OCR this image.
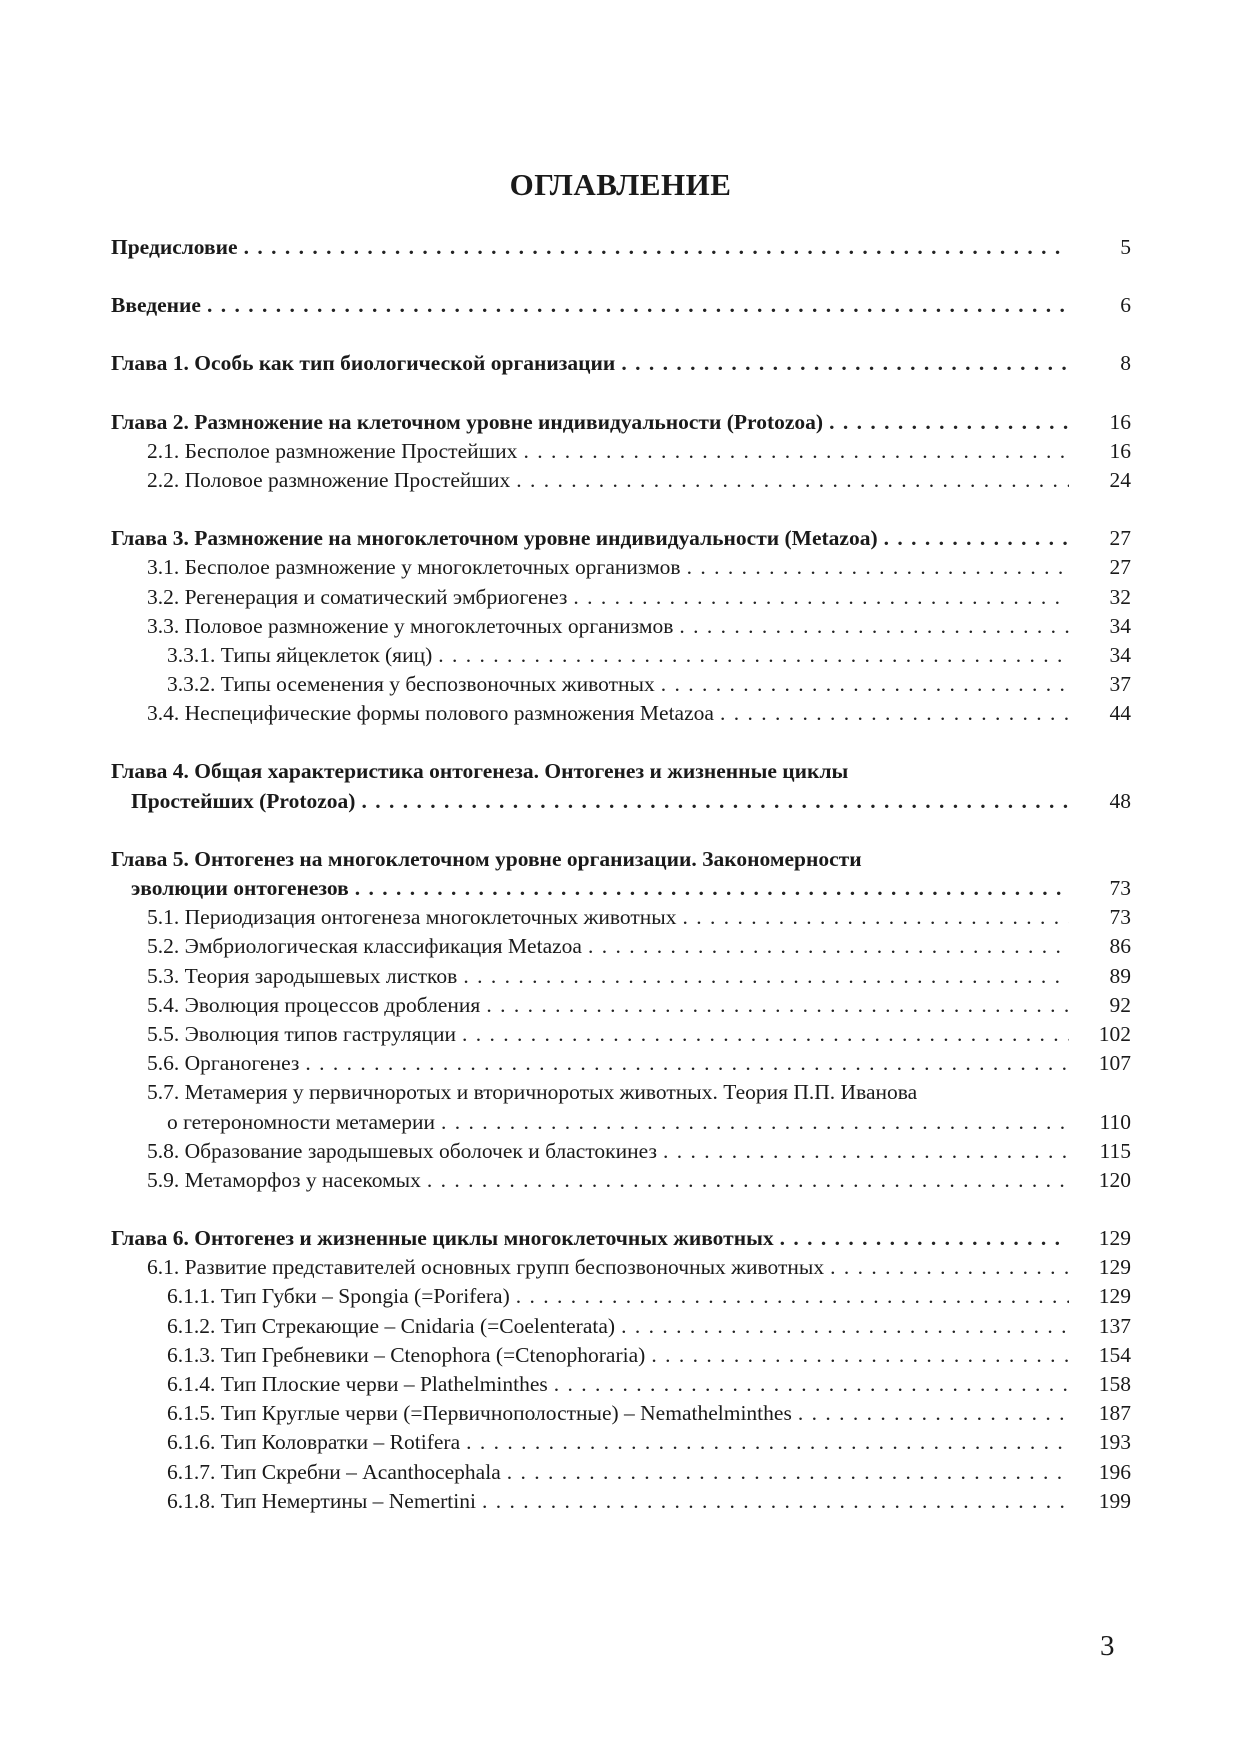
ОГЛАВЛЕНИЕ
Предисловие . . .	5
Введение . . .	6
Глава 1. Особь как тип биологической организации . . .	8
Глава 2. Размножение на клеточном уровне индивидуальности (Protozoa) . . .	16
2.1. Бесполое размножение Простейших . . .	16
2.2. Половое размножение Простейших . . .	24
Глава 3. Размножение на многоклеточном уровне индивидуальности (Metazoa) . . .	27
3.1. Бесполое размножение у многоклеточных организмов . . .	27
3.2. Регенерация и соматический эмбриогенез . . .	32
3.3. Половое размножение у многоклеточных организмов . . .	34
3.3.1. Типы яйцеклеток (яиц) . . .	34
3.3.2. Типы осеменения у беспозвоночных животных . . .	37
3.4. Неспецифические формы полового размножения Metazoa . . .	44
Глава 4. Общая характеристика онтогенеза. Онтогенез и жизненные циклы
Простейших (Protozoa) . . .	48
Глава 5. Онтогенез на многоклеточном уровне организации. Закономерности
эволюции онтогенезов . . .	73
5.1. Периодизация онтогенеза многоклеточных животных . . .	73
5.2. Эмбриологическая классификация Metazoa . . .	86
5.3. Теория зародышевых листков . . .	89
5.4. Эволюция процессов дробления . . .	92
5.5. Эволюция типов гаструляции . . .	102
5.6. Органогенез . . .	107
5.7. Метамерия у первичноротых и вторичноротых животных. Теория П.П. Иванова
о гетерономности метамерии . . .	110
5.8. Образование зародышевых оболочек и бластокинез . . .	115
5.9. Метаморфоз у насекомых . . .	120
Глава 6. Онтогенез и жизненные циклы многоклеточных животных . . .	129
6.1. Развитие представителей основных групп беспозвоночных животных . . .	129
6.1.1. Тип Губки – Spongia (=Porifera) . . .	129
6.1.2. Тип Стрекающие – Cnidaria (=Coelenterata) . . .	137
6.1.3. Тип Гребневики – Ctenophora (=Ctenophoraria) . . .	154
6.1.4. Тип Плоские черви – Plathelminthes . . .	158
6.1.5. Тип Круглые черви (=Первичнополостные) – Nemathelminthes . . .	187
6.1.6. Тип Коловратки – Rotifera . . .	193
6.1.7. Тип Скребни – Acanthocephala . . .	196
6.1.8. Тип Немертины – Nemertini . . .	199
3
